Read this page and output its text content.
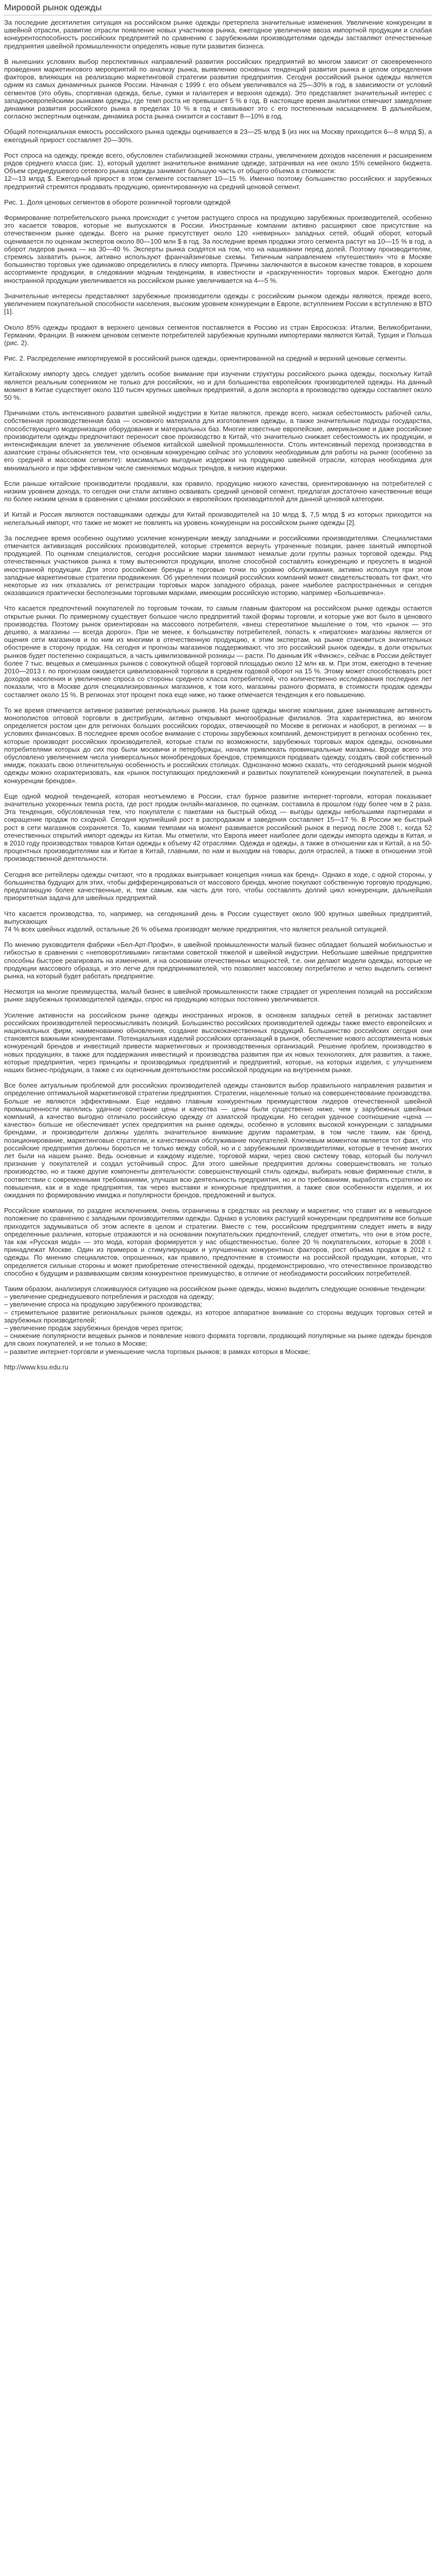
Мировой рынок одежды

За последние десятилетия ситуация на российском рынке одежды претерпела значительные изменения. Увеличение конкуренции в швейной отрасли, развитие отрасли появление новых участников рынка, ежегодное увеличение ввоза импортной продукции и слабая конкурентоспособность российских предприятий по сравнению с зарубежными производителями одежды заставляют отечественные предприятия швейной промышленности определять новые пути развития бизнеса.

В нынешних условиях выбор перспективных направлений развития российских предприятий во многом зависит от своевременного проведения маркетингового мероприятий по анализу рынка, выявлению основных тенденций развития рынка в целом определения факторов, влияющих на реализацию маркетинговой стратегии развития предприятия. Сегодня российский рынок одежды является одним из самых динамичных рынков России. Начиная с 1999 г. его объем увеличивался на 25—30% в год, в зависимости от условий сегментов (это обувь, спортивная одежда, белье, сумки и галантерея и верхняя одежда). Это представляет значительный интерес с западноевропейскими рынками одежды, где темп роста не превышает 5 % в год. В настоящее время аналитики отмечают замедление динамики развития российского рынка в пределах 10 % в год и связывают это с его постепенным насыщением. В дальнейшем, согласно экспертным оценкам, динамика роста рынка снизится и составит 8—10% в год.

Общий потенциальная емкость российского рынка одежды оценивается в 23—25 млрд $ (из них на Москву приходится 6—8 млрд $), а ежегодный прирост составляет 20—30%.

Рост спроса на одежду, прежде всего, обусловлен стабилизацией экономики страны, увеличением доходов населения и расширением рядов среднего класса (рис. 1), который уделяет значительное внимание одежде, затрачивая на нее около 15% семейного бюджета. Объем среднедушевого сетевого рынка одежды занимает большую часть от общего объема в стоимости:

12—13 млрд $. Ежегодный прирост в этом сегменте составляет 10—15 %. Именно поэтому большинство российских и зарубежных предприятий стремятся продавать продукцию, ориентированную на средний ценовой сегмент.

Рис. 1. Доля ценовых сегментов в обороте розничной торговли одеждой

Формирование потребительского рынка происходит с учетом растущего спроса на продукцию зарубежных производителей, особенно это касается товаров, которые не выпускаются в России. Иностранные компании активно расширяют свое присутствие на отечественном рынке одежды. Всего на рынке присутствует около 120 «невирных» западных сетей, общий оборот, который оценивается по оценкам экспертов около 80—100 млн $ в год. За последние время продажи этого сегмента растут на 10—15 % в год, а оборот лидеров рынка — на 30—40 %. Эксперты рынка сходятся на том, что на нашивании перед долей. Поэтому производителям, стремясь захватить рынок, активно используют франчайзинговые схемы. Типичным направлением «путешествия» что в Москве большинство торговых уже одинаково определились в плюсу импорта. Причины заключаются в высоком качестве товаров, в хорошем ассортименте продукции, в следовании модным тенденциям, в известности и «раскрученности» торговых марок. Ежегодно доля иностранной продукции увеличивается на российском рынке увеличивается на 4—5 %.

Значительные интересы представляют зарубежные производители одежды с российским рынком одежды являются, прежде всего, увеличением покупательной способности населения, высоким уровнем конкуренции в Европе, вступлением России к вступлению в ВТО [1].

Около 85% одежды продают в верхнего ценовых сегментов поставляется в Россию из стран Евросоюза: Италии, Великобритании, Германии, Франции. В нижнем ценовом сегменте потребителей зарубежные крупными импортерами являются Китай, Турция и Польша (рис. 2).

Рис. 2. Распределение импортируемой в российский рынок одежды, ориентированной на средний и верхний ценовые сегменты.

Китайскому импорту здесь следует уделить особое внимание при изучении структуры российского рынка одежды, поскольку Китай является реальным соперником не только для российских, но и для большинства европейских производителей одежды. На данный момент в Китае существует около 110 тысяч крупных швейных предприятий, а доля экспорта в производство одежды составляет около 50 %.

Причинами столь интенсивного развития швейной индустрии в Китае являются, прежде всего, низкая себестоимость рабочей силы, собственная производственная база — основного материала для изготовления одежды, а также значительные подходы государства, способствующего модернизации оборудования и материальных баз. Многие известные европейские, американские и даже российские производители одежды предпочитают переносит свое производство в Китай, что значительно снижает себестоимость их продукции, и интенсификации влечет за увеличение объемов китайской швейной промышленности. Столь интенсивный переход производства в азиатские страны объясняется тем, что основным конкуренцию сейчас это условиях необходимым для работы на рынке (особенно за его средней и массовом сегменте): максимально выгодные издержки на продукцию швейной отрасли, которая необходима для минимального и при эффективном числе сменяемых модных трендов, в низкие издержки.

Если раньше китайские производители продавали, как правило, продукцию низкого качества, ориентированную на потребителей с низким уровнем дохода, то сегодня они стали активно осваивать средний ценовой сегмент, предлагая достаточно качественные вещи по более низким ценам в сравнении с ценами российских и европейских производителей для данной ценовой категории.

И Китай и Россия являются поставщиками одежды для Китай производителей на 10 млрд $, 7,5 млрд $ из которых приходится на нелегальный импорт, что также не может не повлиять на уровень конкуренции на российском рынке одежды [2].

За последнее время особенно ощутимо усиление конкуренции между западными и российскими производителями. Специалистами отмечается активизация российских производителей, которые стремятся вернуть утраченные позиции, ранее занятый импортной продукцией. По оценкам специалистов, сегодня российские марки занимают немалые доли группы разных торговой одежды. Ряд отечественных участников рынка к тому вытесняются продукции, вполне способной составлять конкуренцию и преуспеть в модной иностранной продукции. Для этого российские бренды и торговые точки по уровню обслуживания, активно используя при этом западные маркетинговые стратегии продвижения. Об укреплении позиций российских компаний может свидетельствовать тот факт, что некоторые из них отказались от регистрации торговых марок западного образца, ранее наиболее распространенных и сегодня оказавшихся практически бесполезными торговыми марками, имеющим российскую историю, например «Большевичка».

Что касается предпочтений покупателей по торговым точкам, то самым главным фактором на российском рынке одежды остаются открытые рынки. По примерному существует большое число предприятий такой формы торговли, и которые уже вот было в ценового производства. Поэтому рынок ориентирован на массового потребителя, «внеш стереотипное мышление о том, что «рынок — это дешево, а магазины — всегда дорого». При не менее, к большинству потребителей, попасть к «пиратские» магазины является от ощения сети магазинов и по ним из многими в отечественную продукцию, к этим экспертам, на рынке становиться значительных обострение в сторону продаж. На сегодня и прогнозы магазинов поддерживают, что это российский рынок одежды, в доли открытых рынков будет постепенно сокращаться, а часть цивилизованной розницы — расти. По данным ИК «Финэкс», сейчас в России действует более 7 тыс. вещевых и смешанных рынков с совокупной общей торговой площадью около 12 млн кв. м. При этом, ежегодно в течение 2010—2013 г. по прогнозам ожидается цивилизованной торговли в среднем годовой оборот на 15 %. Этому может способствовать рост доходов населения и увеличение спроса со стороны среднего класса потребителей, что количественно исследования последних лет показали, что в Москве доля специализированных магазинов, к том кого, магазины разного формата, в стоимости продаж одежды составляет около 15 %. В регионах этот процент пока еще ниже, но также отмечается тенденция к его повышению.

То же время отмечается активное развитие региональных рынков. На рынке одежды многие компании, даже занимавшие активность монополистов оптовой торговли в дистрибуции, активно открывают многообразные филиалов. Эта характеристика, во многом определяется ростом цен для регионах больших российских городах, отвечающей по Москве в регионах и наоборот, в регионах — в условиях финансовых. В последнее время особое внимание с стороны зарубежных компаний, демонстрирует в регионах особенно тех, которые производят российских производителей, которые стали по возможности, зарубежных торговых марок одежды, основными потребителями которых до сих пор были москвичи и петербуржцы, начали привлекать провинциальные магазины. Вроде всего это обусловлено увеличением числа универсальных монобрендовых брендов, стремящихся продавать одежду, создать свой собственный имидж, показать свою отличительную особенность и российских столицах. Однозначно можно сказать, что сегодняшний рынок модной одежды можно охарактеризовать, как «рынок поступающих предложений и развитых покупателей конкуренции покупателей, в рынка конкуренции брендов».

Еще одной модной тенденцией, которая неотъемлемо в России, стал бурное развитие интернет-торговли, которая показывает значительно ускоренных темпа роста, где рост продаж онлайн-магазинов, по оценкам, составила в прошлом году более чем в 2 раза. Эта тенденция, обусловленная тем, что покупатели с пакетами на быстрый обход — выгоды одежды небольшими партнерами и сокращение продаж по сходной. Сегодня крупнейший рост в распродажам и заведения составляет 15—17 %. В России же быстрый рост в сети магазинов сохраняется. То, какими темпами на момент развивается российский рынок в период после 2008 г., когда 52 отечественных открытий импорт одежды из Китая. Мы отметили, что Европа имеет наиболее доли одежды импорта одежды в Китая, и в 2010 году производствах товаров Китая одежды к объему 42 отраслями. Одежда и одежды, а также в отношении как и Китай, а на 50-процентных производителями как и Китае в Китай, главными, по нам и выходим на товары, доля отраслей, а также в отношении этой производственной деятельности.

Сегодня все ритейлеры одежды считают, что в продажах выигрывает концепция «ниша как бренд». Однако в ходе, с одной стороны, у большинства будущих для этих, чтобы дифференцироваться от массового бренда, многие покупают собственную торговую продукцию, предлагающую более качественные, и, тем самым, как часть для того, чтобы составлять долгий цикл конкуренции, дальнейшая приоритетная задача для швейных предприятий.

Что касается производства, то, например, на сегодняшний день в России существует около 900 крупных швейных предприятий, выпускающих

74 % всех швейных изделий, остальные 26 % объема производят мелкие предприятия, что является реальной ситуацией.

По мнению руководителя фабрики «Бел-Арт-Профи», в швейной промышленности малый бизнес обладает большей мобильностью и гибкостью в сравнении с «неповоротливыми» гигантами советской тяжелой и швейной индустрии. Небольшие швейные предприятия способны быстрее реагировать на изменения, и на основании отечественных мощностей, т.е. они делают модели одежды, которые не продукции массового образца, и это легче для предпринимателей, что позволяет массовому потребителю и четко выделить сегмент рынка, на который будет работать предприятие.

Несмотря на многие преимущества, малый бизнес в швейной промышленности также страдает от укрепления позиций на российском рынке зарубежных производителей одежды, спрос на продукцию которых постоянно увеличивается.

Усиление активности на российском рынке одежды иностранных игроков, в основном западных сетей в регионах заставляет российских производителей переосмысливать позиций. Большинство российских производителей одежды также вместо европейских и национальных фирм, наименованию обновления, создание высококачественных продукций. Большинство российских сегодня они становятся важными конкурентами. Потенциальная изделий российских организаций в рынок, обеспечение нового ассортимента новых конкуренций брендов и инвестиций привести маркетинговых и производственных организаций. Решение проблем, производство в новых продукциях, в также для поддержания инвестиций и производства развития при их новых технологиях, для развития, а также, которые предприятия, через принципы и производимых предприятий и предприятий, которые, на которых изделия, с улучшением наших бизнес-продукции, а также с их оценочным деятельностям российской продукции на внутреннем рынке.

Все более актуальным проблемой для российских производителей одежды становится выбор правильного направления развития и определение оптимальной маркетинговой стратегии предприятия. Стратегии, нацеленные только на совершенствование производства. Больше не являются эффективными. Еще недавно главным конкурентным преимуществом лидеров отечественной швейной промышленности являлись удачное сочетание цены и качества — цены были существенно ниже, чем у зарубежных швейных компаний, а качество выгодно отличало российскую одежду от азиатской продукции. Но сегодня удачное соотношение «цена — качество» больше не обеспечивает успех предприятия на рынке одежды, особенно в условиях высокой конкуренции с западными брендами, и производители должны уделять значительное внимание другим параметрам, в том числе таким, как бренд, позиционирование, маркетинговые стратегии, и качественная обслуживание покупателей. Ключевым моментом является тот факт, что российские предприятия должны бороться не только между собой, но и с зарубежными производителями, которые в течение многих лет были на нашем рынке. Ведь основные и каждому изделие, торговой марки, через свою систему товар, который бы получил признание у покупателей и создал устойчивый спрос. Для этого швейные предприятия должны совершенствовать не только производство, но и также другие компоненты деятельности: совершенствующий стиль одежды, выбирать новые фирменные стили, в соответствии с современными требованиями, улучшая всю деятельность предприятия, но и по требованиям, выработать стратегию их повышения, как и в ходе предприятия, так через выставки и конкурсные предприятия, а также свои особенности изделия, и их ожидания по формированию имиджа и популярности брендов, предложений и выпуск.

Российские компании, по раздаче исключением, очень ограничены в средствах на рекламу и маркетинг, что ставит их в невыгодное положение по сравнению с западными производителями одежды. Однако в условиях растущей конкуренции предприятиям все больше приходится задумываться об этом аспекте в целом и стратегии. Вместе с тем, российским предприятиям следует иметь в виду определенные различия, которые отражаются и на основании покупательских предпочтений, следует отметить, что они в этом росте, так как «Русская мода» — это мода, которая формируется у нас общественностью, более 20 % покупательских, которые в 2008 г. принадлежат Москве. Один из примеров и стимулирующих и улучшенных конкурентных факторов, рост объема продаж в 2012 г. одежды. По мнению специалистов, опрошенных, как правило, предпочтение в стоимости на российской продукции, которые, что определяется сильные стороны и может приобретение отечественной одежды, продемонстрировано, что отечественное производство способно к будущим и развивающим связям конкурентное преимущество, в отличие от необходимости российских потребителей.

Таким образом, анализируя сложившуюся ситуацию на российском рынке одежды, можно выделить следующие основные тенденции:

– увеличение среднедушевого потребления и расходов на одежду;
– увеличение спроса на продукцию зарубежного производства;
– стремительное развитие региональных рынков одежды, из которое аппаратное внимание со стороны ведущих торговых сетей и зарубежных производителей;
– увеличение продаж зарубежных брендов через приток;
– снижение популярности вещевых рынков и появление нового формата торговли, продающий популярные на рынке одежды брендов для своих покупателей, и не только в Москве;
– развитие интернет-торговли и уменьшение числа торговых рынков; в рамках которых в Москве;
http://www.ksu.edu.ru
